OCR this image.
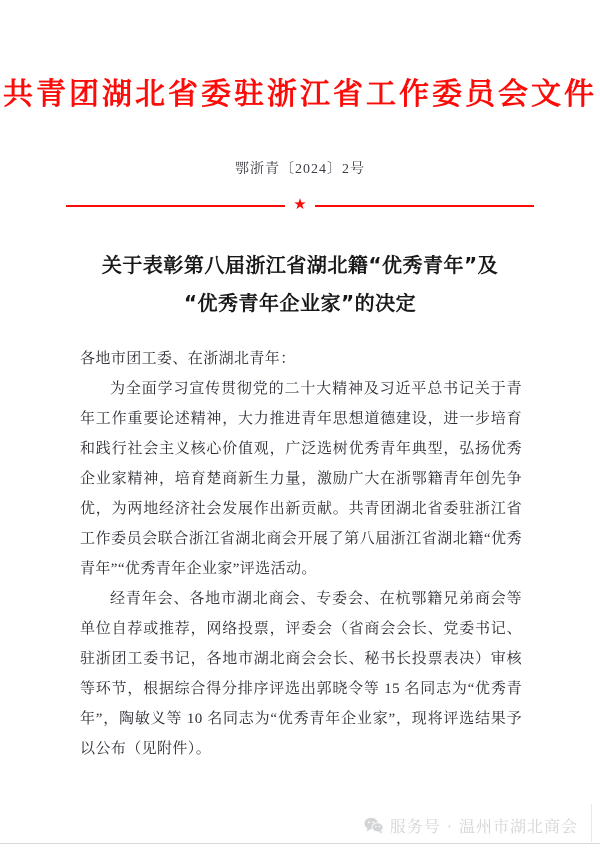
共青团湖北省委驻浙江省工作委员会文件
鄂浙青〔2024〕2号
★
关于表彰第八届浙江省湖北籍“优秀青年”及
“优秀青年企业家”的决定

各地市团工委、在浙湖北青年：

为全面学习宣传贯彻党的二十大精神及习近平总书记关于青年工作重要论述精神，大力推进青年思想道德建设，进一步培育和践行社会主义核心价值观，广泛选树优秀青年典型，弘扬优秀企业家精神，培育楚商新生力量，激励广大在浙鄂籍青年创先争优，为两地经济社会发展作出新贡献。共青团湖北省委驻浙江省工作委员会联合浙江省湖北商会开展了第八届浙江省湖北籍“优秀青年”“优秀青年企业家”评选活动。

经青年会、各地市湖北商会、专委会、在杭鄂籍兄弟商会等单位自荐或推荐，网络投票，评委会（省商会会长、党委书记、驻浙团工委书记，各地市湖北商会会长、秘书长投票表决）审核等环节，根据综合得分排序评选出郭晓令等 15 名同志为“优秀青年”，陶敏义等 10 名同志为“优秀青年企业家”，现将评选结果予以公布（见附件）。

服务号 · 温州市湖北商会
